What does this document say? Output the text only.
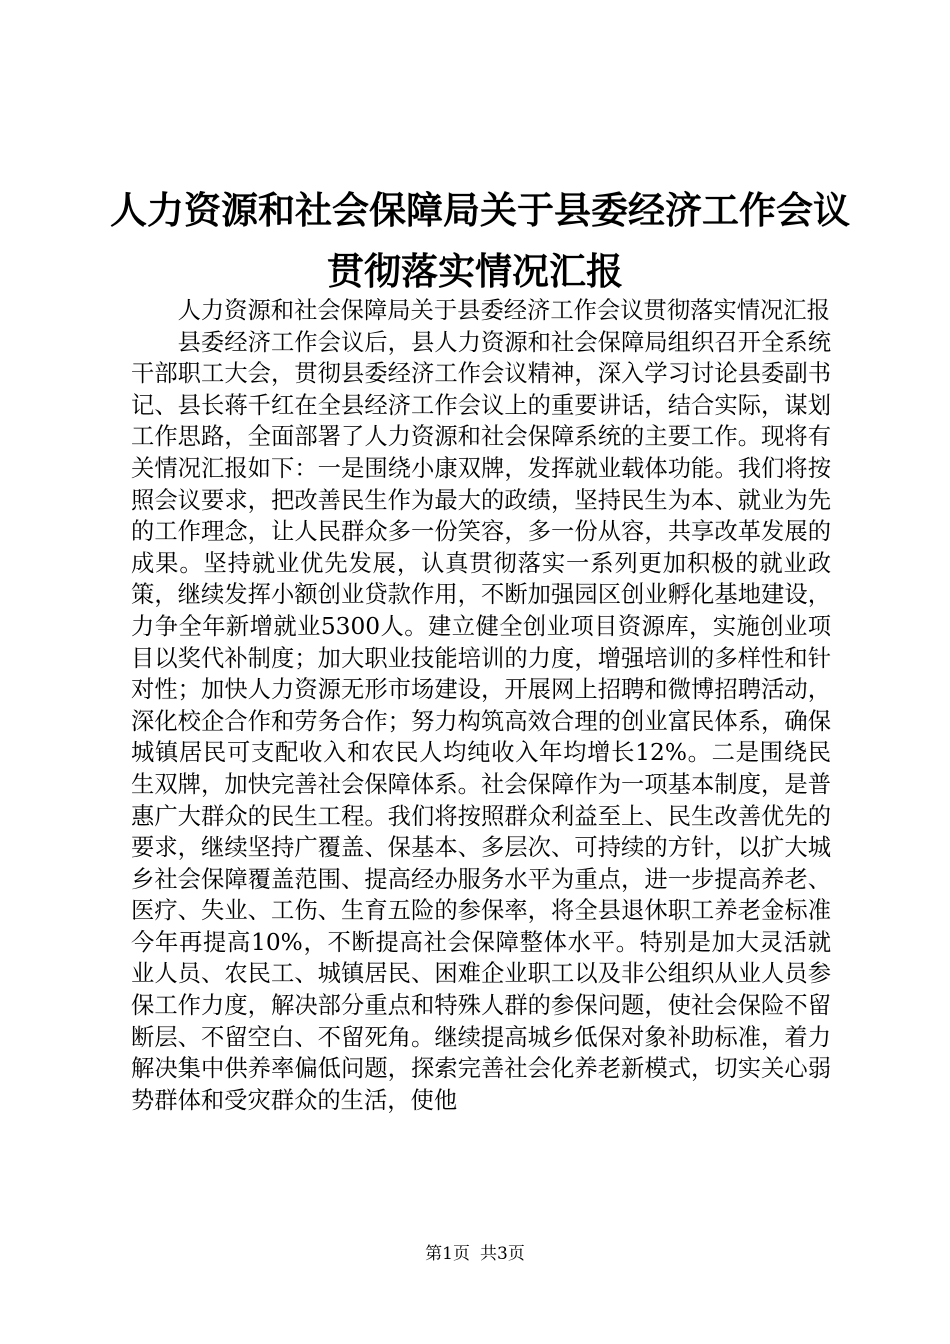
人力资源和社会保障局关于县委经济工作会议
贯彻落实情况汇报

人力资源和社会保障局关于县委经济工作会议贯彻落实情况汇报

县委经济工作会议后，县人力资源和社会保障局组织召开全系统干部职工大会，贯彻县委经济工作会议精神，深入学习讨论县委副书记、县长蒋千红在全县经济工作会议上的重要讲话，结合实际，谋划工作思路，全面部署了人力资源和社会保障系统的主要工作。现将有关情况汇报如下：一是围绕小康双牌，发挥就业载体功能。我们将按照会议要求，把改善民生作为最大的政绩，坚持民生为本、就业为先的工作理念，让人民群众多一份笑容，多一份从容，共享改革发展的成果。坚持就业优先发展，认真贯彻落实一系列更加积极的就业政策，继续发挥小额创业贷款作用，不断加强园区创业孵化基地建设，力争全年新增就业5300人。建立健全创业项目资源库，实施创业项目以奖代补制度；加大职业技能培训的力度，增强培训的多样性和针对性；加快人力资源无形市场建设，开展网上招聘和微博招聘活动，深化校企合作和劳务合作；努力构筑高效合理的创业富民体系，确保城镇居民可支配收入和农民人均纯收入年均增长12%。二是围绕民生双牌，加快完善社会保障体系。社会保障作为一项基本制度，是普惠广大群众的民生工程。我们将按照群众利益至上、民生改善优先的要求，继续坚持广覆盖、保基本、多层次、可持续的方针，以扩大城乡社会保障覆盖范围、提高经办服务水平为重点，进一步提高养老、医疗、失业、工伤、生育五险的参保率，将全县退休职工养老金标准今年再提高10%，不断提高社会保障整体水平。特别是加大灵活就业人员、农民工、城镇居民、困难企业职工以及非公组织从业人员参保工作力度，解决部分重点和特殊人群的参保问题，使社会保险不留断层、不留空白、不留死角。继续提高城乡低保对象补助标准，着力解决集中供养率偏低问题，探索完善社会化养老新模式，切实关心弱势群体和受灾群众的生活，使他

第1页 共3页
